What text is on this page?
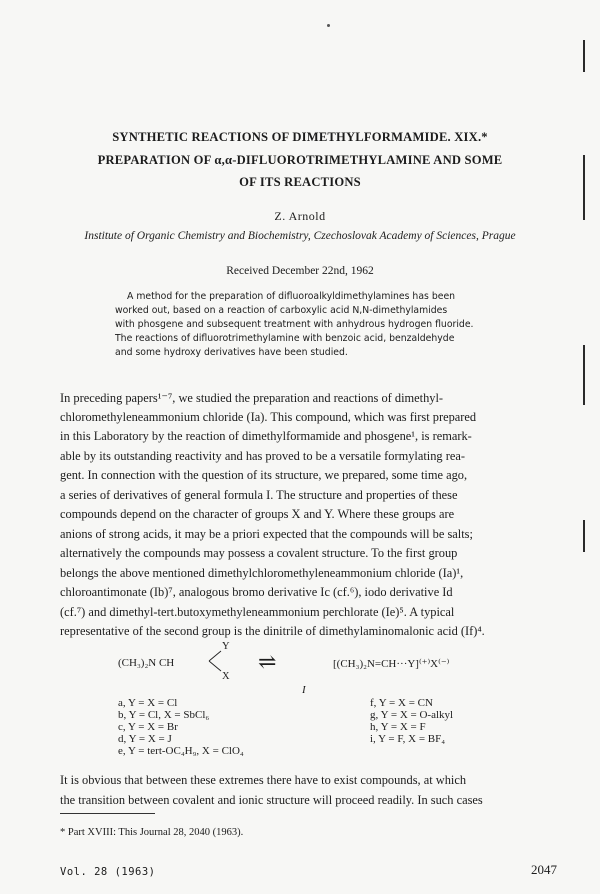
SYNTHETIC REACTIONS OF DIMETHYLFORMAMIDE. XIX.*

PREPARATION OF α,α-DIFLUOROTRIMETHYLAMINE AND SOME

OF ITS REACTIONS

Z. Arnold
Institute of Organic Chemistry and Biochemistry, Czechoslovak Academy of Sciences, Prague
Received December 22nd, 1962
A method for the preparation of difluoroalkyldimethylamines has been
worked out, based on a reaction of carboxylic acid N,N-dimethylamides
with phosgene and subsequent treatment with anhydrous hydrogen fluoride.
The reactions of difluorotrimethylamine with benzoic acid, benzaldehyde
and some hydroxy derivatives have been studied.
In preceding papers¹⁻⁷, we studied the preparation and reactions of dimethyl-
chloromethylenеammonium chloride (Ia). This compound, which was first prepared
in this Laboratory by the reaction of dimethylformamide and phosgene¹, is remark-
able by its outstanding reactivity and has proved to be a versatile formylating rea-
gent. In connection with the question of its structure, we prepared, some time ago,
a series of derivatives of general formula I. The structure and properties of these
compounds depend on the character of groups X and Y. Where these groups are
anions of strong acids, it may be a priori expected that the compounds will be salts;
alternatively the compounds may possess a covalent structure. To the first group
belongs the above mentioned dimethylchloromethyleneammonium chloride (Ia)¹,
chloroantimonate (Ib)⁷, analogous bromo derivative Ic (cf.⁶), iodo derivative Id
(cf.⁷) and dimethyl-tert.butoxymethyleneammonium perchlorate (Ie)⁵. A typical
representative of the second group is the dinitrile of dimethylaminomalonic acid (If)⁴.
(CH₃)₂N CH
Y
X
⇌	[(CH₃)₂N=CH···Y]⁽⁺⁾X⁽⁻⁾
I
a, Y = X = Cl
b, Y = Cl, X = SbCl₆
c, Y = X = Br
d, Y = X = J
e, Y = tert-OC₄H₉, X = ClO₄
f, Y = X = CN
g, Y = X = O-alkyl
h, Y = X = F
i, Y = F, X = BF₄
It is obvious that between these extremes there have to exist compounds, at which
the transition between covalent and ionic structure will proceed readily. In such cases
* Part XVIII: This Journal 28, 2040 (1963).
Vol. 28 (1963)	2047
